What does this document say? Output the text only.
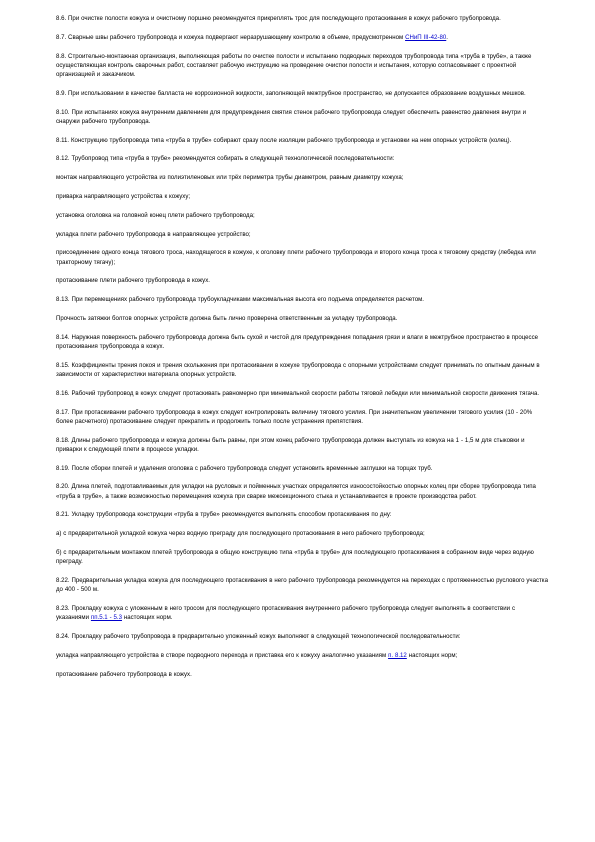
8.6. При очистке полости кожуха и очистному поршню рекомендуется прикреплять трос для последующего протаскивания в кожух рабочего трубопровода.

8.7. Сварные швы рабочего трубопровода и кожуха подвергают неразрушающему контролю в объеме, предусмотренном СНиП III-42-80.

8.8. Строительно-монтажная организация, выполняющая работы по очистке полости и испытанию подводных переходов трубопровода типа «труба в трубе», а также осуществляющая контроль сварочных работ, составляет рабочую инструкцию на проведение очистки полости и испытания, которую согласовывает с проектной организацией и заказчиком.

8.9. При использовании в качестве балласта не коррозионной жидкости, заполняющей межтрубное пространство, не допускается образование воздушных мешков.

8.10. При испытаниях кожуха внутренним давлением для предупреждения смятия стенок рабочего трубопровода следует обеспечить равенство давления внутри и снаружи рабочего трубопровода.

8.11. Конструкцию трубопровода типа «труба в трубе» собирают сразу после изоляции рабочего трубопровода и установки на нем опорных устройств (колец).

8.12. Трубопровод типа «труба в трубе» рекомендуется собирать в следующей технологической последовательности:

монтаж направляющего устройства из полиэтиленовых или трёх периметра трубы диаметром, равным диаметру кожуха;

приварка направляющего устройства к кожуху;

установка оголовка на головной конец плети рабочего трубопровода;

укладка плети рабочего трубопровода в направляющее устройство;

присоединение одного конца тягового троса, находящегося в кожухе, к оголовку плети рабочего трубопровода и второго конца троса к тяговому средству (лебедка или тракторному тягачу);

протаскивание плети рабочего трубопровода в кожух.

8.13. При перемещениях рабочего трубопровода трубоукладчиками максимальная высота его подъема определяется расчетом.

Прочность затяжки болтов опорных устройств должна быть лично проверена ответственным за укладку трубопровода.

8.14. Наружная поверхность рабочего трубопровода должна быть сухой и чистой для предупреждения попадания грязи и влаги в межтрубное пространство в процессе протаскивания трубопровода в кожух.

8.15. Коэффициенты трения покоя и трения скольжения при протаскивании в кожухе трубопровода с опорными устройствами следует принимать по опытным данным в зависимости от характеристики материала опорных устройств.

8.16. Рабочий трубопровод в кожух следует протаскивать равномерно при минимальной скорости работы тяговой лебедки или минимальной скорости движения тягача.

8.17. При протаскивании рабочего трубопровода в кожух следует контролировать величину тягового усилия. При значительном увеличении тягового усилия (10 - 20% более расчетного) протаскивание следует прекратить и продолжить только после устранения препятствия.

8.18. Длины рабочего трубопровода и кожуха должны быть равны, при этом конец рабочего трубопровода должен выступать из кожуха на 1 - 1,5 м для стыковки и приварки к следующей плети в процессе укладки.

8.19. После сборки плетей и удаления оголовка с рабочего трубопровода следует установить временные заглушки на торцах труб.

8.20. Длина плетей, подготавливаемых для укладки на русловых и пойменных участках определяется износостойкостью опорных колец при сборке трубопровода типа «труба в трубе», а также возможностью перемещения кожуха при сварке межсекционного стыка и устанавливается в проекте производства работ.

8.21. Укладку трубопровода конструкции «труба в трубе» рекомендуется выполнять способом протаскивания по дну:

а) с предварительной укладкой кожуха через водную преграду для последующего протаскивания в него рабочего трубопровода;

б) с предварительным монтажом плетей трубопровода в общую конструкцию типа «труба в трубе» для последующего протаскивания в собранном виде через водную преграду.

8.22. Предварительная укладка кожуха для последующего протаскивания в него рабочего трубопровода рекомендуется на переходах с протяженностью руслового участка до 400 - 500 м.

8.23. Прокладку кожуха с уложенным в него тросом для последующего протаскивания внутреннего рабочего трубопровода следует выполнять в соответствии с указаниями пп.5.1 - 5.3 настоящих норм.

8.24. Прокладку рабочего трубопровода в предварительно уложенный кожух выполняют в следующей технологической последовательности:

укладка направляющего устройства в створе подводного перехода и приставка его к кожуху аналогично указаниям п. 8.12 настоящих норм;

протаскивание рабочего трубопровода в кожух.
